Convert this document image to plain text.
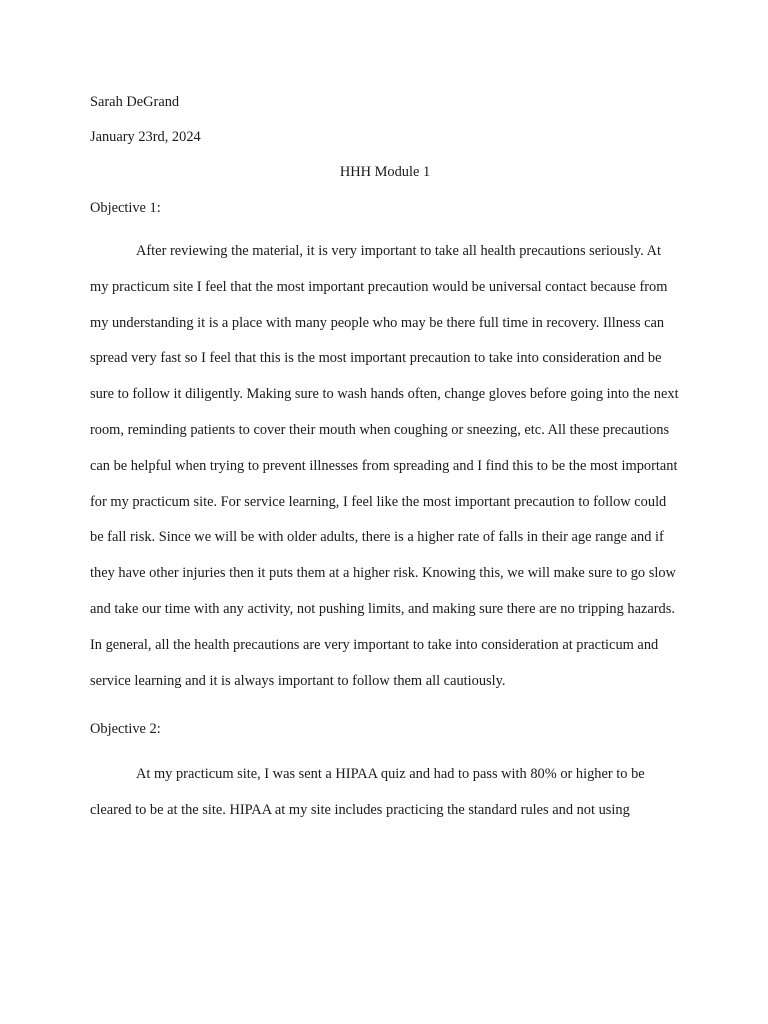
Sarah DeGrand

January 23rd, 2024

HHH Module 1

Objective 1:

After reviewing the material, it is very important to take all health precautions seriously. At my practicum site I feel that the most important precaution would be universal contact because from my understanding it is a place with many people who may be there full time in recovery. Illness can spread very fast so I feel that this is the most important precaution to take into consideration and be sure to follow it diligently. Making sure to wash hands often, change gloves before going into the next room, reminding patients to cover their mouth when coughing or sneezing, etc. All these precautions can be helpful when trying to prevent illnesses from spreading and I find this to be the most important for my practicum site. For service learning, I feel like the most important precaution to follow could be fall risk. Since we will be with older adults, there is a higher rate of falls in their age range and if they have other injuries then it puts them at a higher risk. Knowing this, we will make sure to go slow and take our time with any activity, not pushing limits, and making sure there are no tripping hazards. In general, all the health precautions are very important to take into consideration at practicum and service learning and it is always important to follow them all cautiously.

Objective 2:

At my practicum site, I was sent a HIPAA quiz and had to pass with 80% or higher to be cleared to be at the site. HIPAA at my site includes practicing the standard rules and not using
